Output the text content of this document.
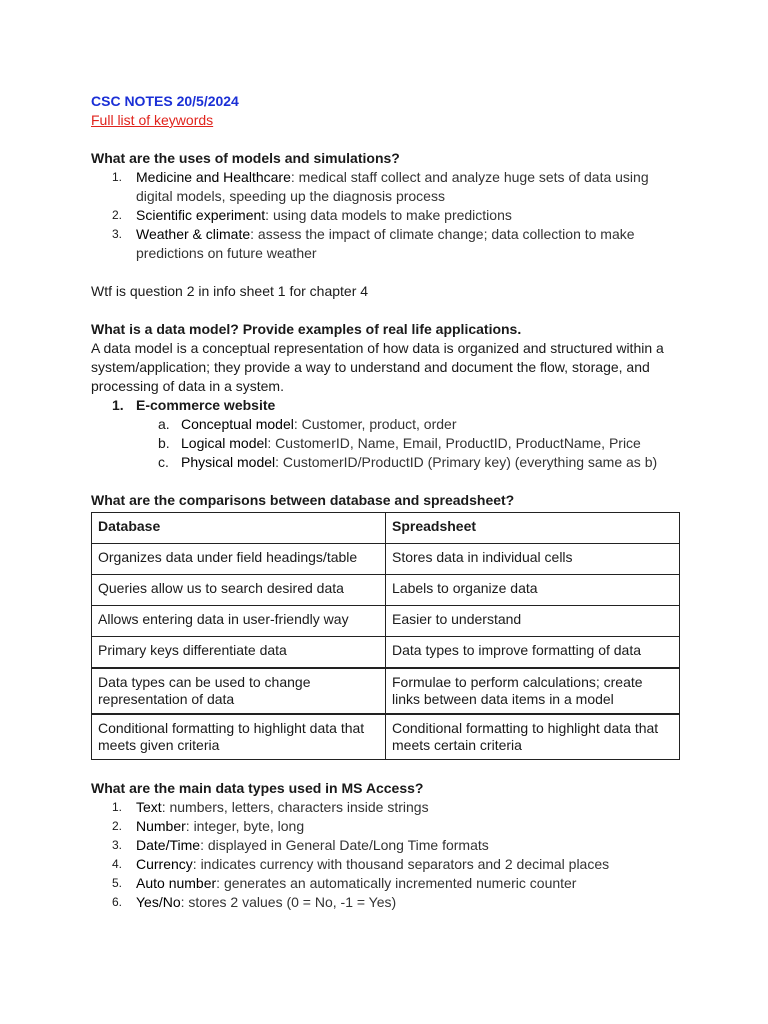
CSC NOTES 20/5/2024
Full list of keywords
What are the uses of models and simulations?
1. Medicine and Healthcare: medical staff collect and analyze huge sets of data using digital models, speeding up the diagnosis process
2. Scientific experiment: using data models to make predictions
3. Weather & climate: assess the impact of climate change; data collection to make predictions on future weather

Wtf is question 2 in info sheet 1 for chapter 4

What is a data model? Provide examples of real life applications.

A data model is a conceptual representation of how data is organized and structured within a system/application; they provide a way to understand and document the flow, storage, and processing of data in a system.

1. E-commerce website
a. Conceptual model: Customer, product, order
b. Logical model: CustomerID, Name, Email, ProductID, ProductName, Price
c. Physical model: CustomerID/ProductID (Primary key) (everything same as b)
What are the comparisons between database and spreadsheet?
Database	Spreadsheet
Organizes data under field headings/table	Stores data in individual cells
Queries allow us to search desired data	Labels to organize data
Allows entering data in user-friendly way	Easier to understand
Primary keys differentiate data	Data types to improve formatting of data
Data types can be used to change representation of data	Formulae to perform calculations; create links between data items in a model
Conditional formatting to highlight data that meets given criteria	Conditional formatting to highlight data that meets certain criteria
What are the main data types used in MS Access?
1. Text: numbers, letters, characters inside strings
2. Number: integer, byte, long
3. Date/Time: displayed in General Date/Long Time formats
4. Currency: indicates currency with thousand separators and 2 decimal places
5. Auto number: generates an automatically incremented numeric counter
6. Yes/No: stores 2 values (0 = No, -1 = Yes)
